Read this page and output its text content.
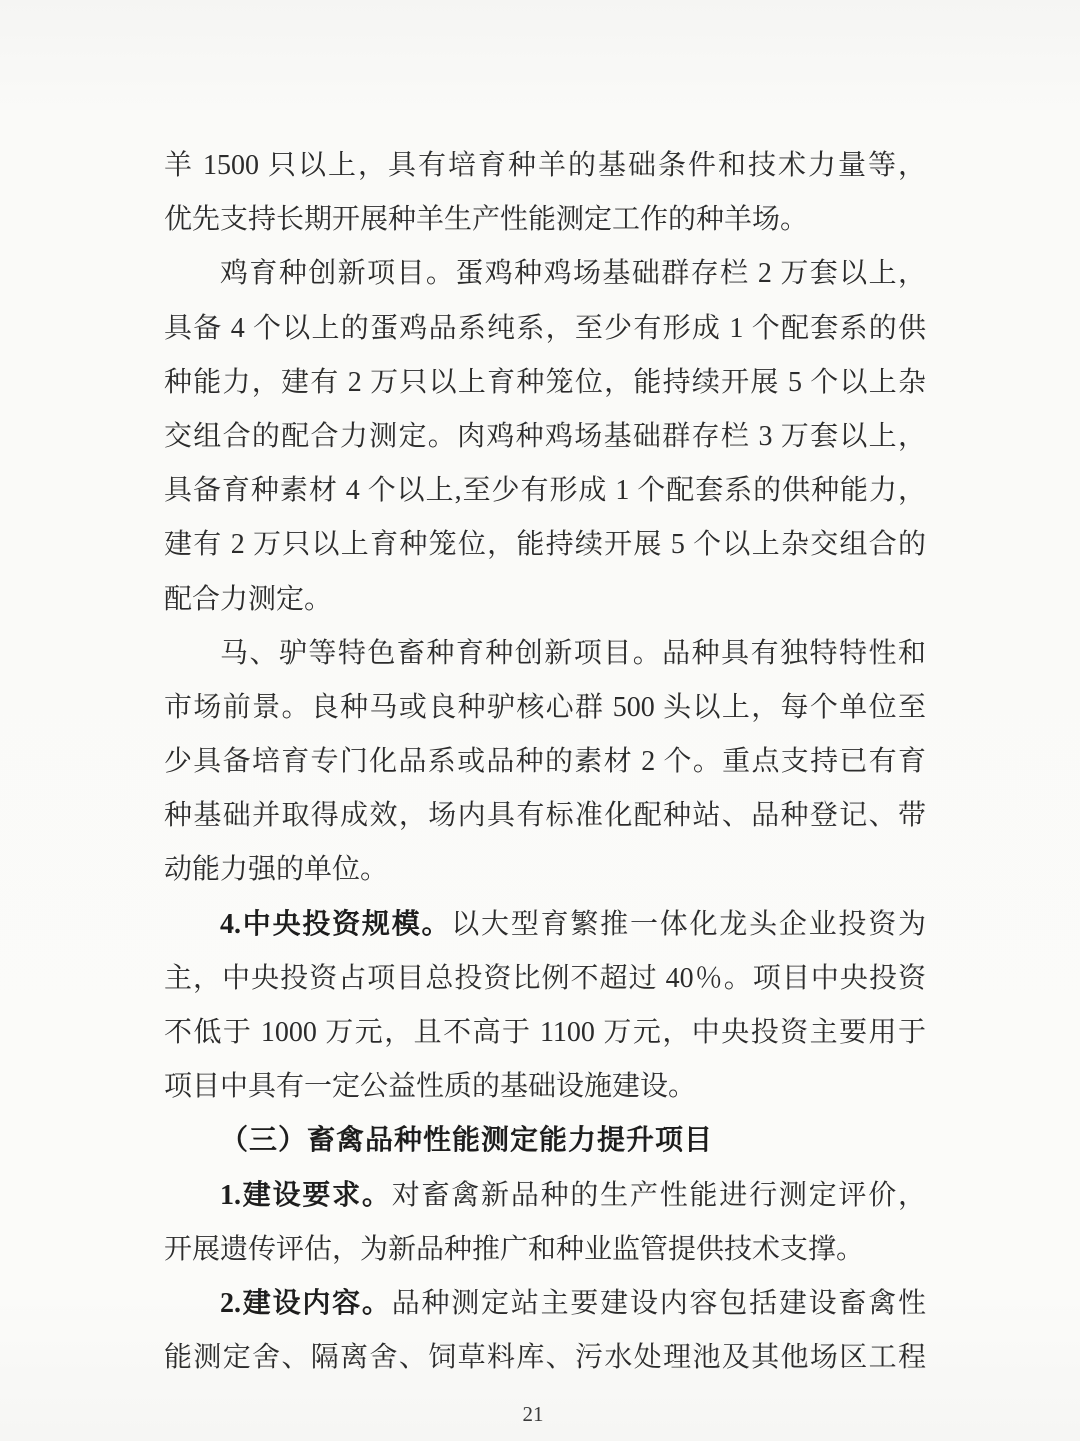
羊 1500 只以上，具有培育种羊的基础条件和技术力量等，
优先支持长期开展种羊生产性能测定工作的种羊场。
鸡育种创新项目。蛋鸡种鸡场基础群存栏 2 万套以上，
具备 4 个以上的蛋鸡品系纯系，至少有形成 1 个配套系的供
种能力，建有 2 万只以上育种笼位，能持续开展 5 个以上杂
交组合的配合力测定。肉鸡种鸡场基础群存栏 3 万套以上，
具备育种素材 4 个以上,至少有形成 1 个配套系的供种能力，
建有 2 万只以上育种笼位，能持续开展 5 个以上杂交组合的
配合力测定。
马、驴等特色畜种育种创新项目。品种具有独特特性和
市场前景。良种马或良种驴核心群 500 头以上，每个单位至
少具备培育专门化品系或品种的素材 2 个。重点支持已有育
种基础并取得成效，场内具有标准化配种站、品种登记、带
动能力强的单位。
4.中央投资规模。以大型育繁推一体化龙头企业投资为
主，中央投资占项目总投资比例不超过 40％。项目中央投资
不低于 1000 万元，且不高于 1100 万元，中央投资主要用于
项目中具有一定公益性质的基础设施建设。
（三）畜禽品种性能测定能力提升项目
1.建设要求。对畜禽新品种的生产性能进行测定评价，
开展遗传评估，为新品种推广和种业监管提供技术支撑。
2.建设内容。品种测定站主要建设内容包括建设畜禽性
能测定舍、隔离舍、饲草料库、污水处理池及其他场区工程
21
